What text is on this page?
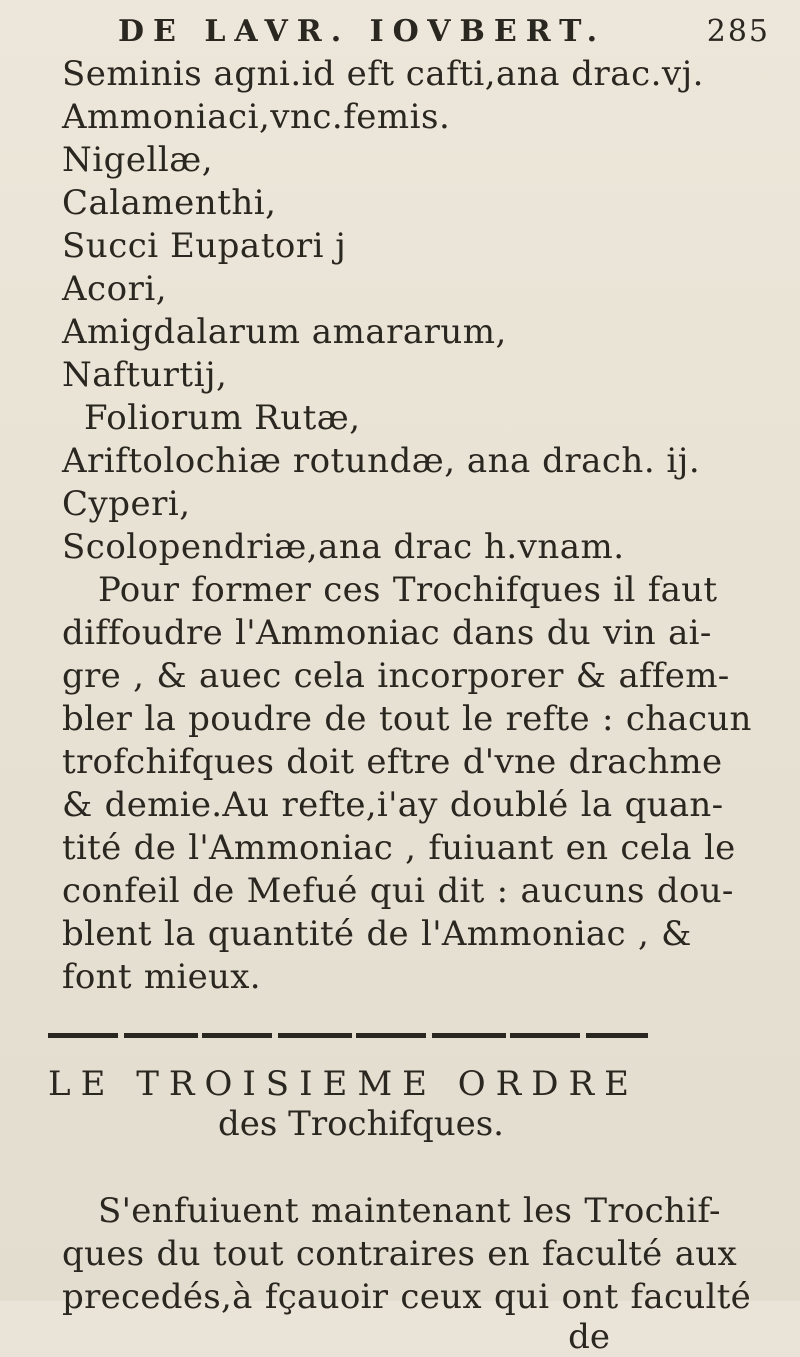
DE LAVR. IOVBERT.	285
Seminis agni.id eft cafti,ana drac.vj.
Ammoniaci,vnc.femis.
Nigellæ,
Calamenthi,
Succi Eupatori j
Acori,
Amigdalarum amararum,
Nafturtij,
Foliorum Rutæ,
Ariftolochiæ rotundæ, ana drach. ij.
Cyperi,
Scolopendriæ,ana drac h.vnam.
Pour former ces Trochifques il faut
diffoudre l'Ammoniac dans du vin ai-
gre , & auec cela incorporer & affem-
bler la poudre de tout le refte : chacun
trofchifques doit eftre d'vne drachme
& demie.Au refte,i'ay doublé la quan-
tité de l'Ammoniac , fuiuant en cela le
confeil de Mefué qui dit : aucuns dou-
blent la quantité de l'Ammoniac , &
font mieux.
LE TROISIEME ORDRE
des Trochifques.
S'enfuiuent maintenant les Trochif-
ques du tout contraires en faculté aux
precedés,à fçauoir ceux qui ont faculté
de
